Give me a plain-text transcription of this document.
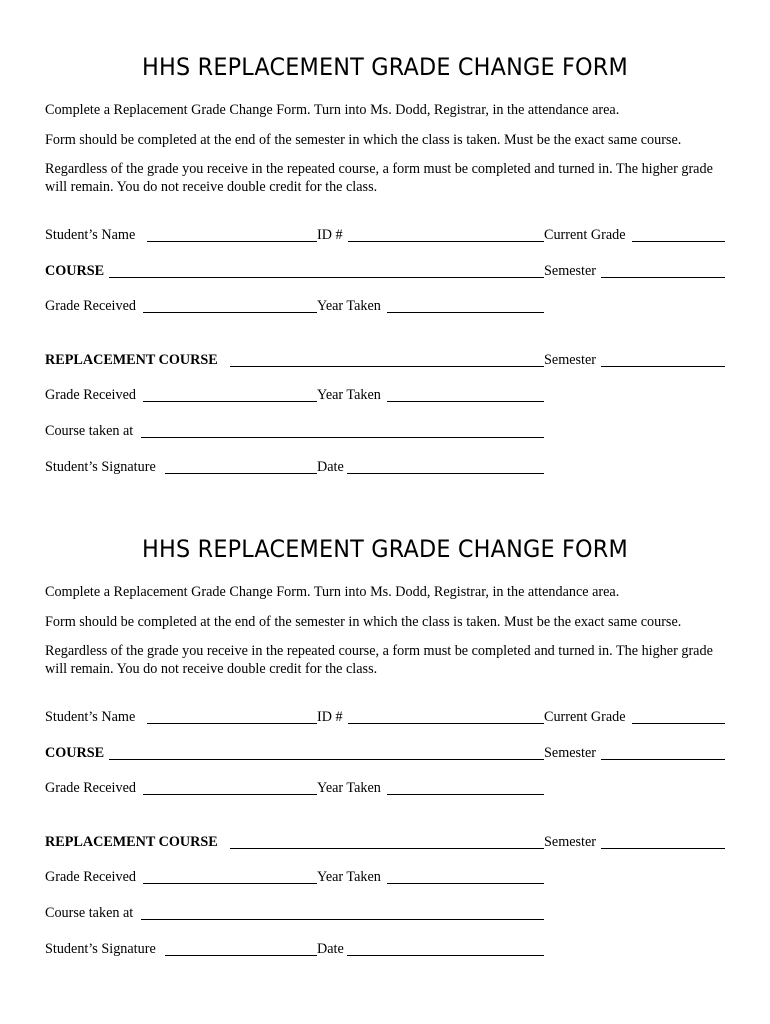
HHS REPLACEMENT GRADE CHANGE FORM
Complete a Replacement Grade Change Form. Turn into Ms. Dodd, Registrar, in the attendance area.
Form should be completed at the end of the semester in which the class is taken. Must be the exact same course.
Regardless of the grade you receive in the repeated course, a form must be completed and turned in. The higher grade will remain. You do not receive double credit for the class.
Student’s Name	ID #	Current Grade
COURSE	Semester
Grade Received	Year Taken
REPLACEMENT COURSE	Semester
Grade Received	Year Taken
Course taken at
Student’s Signature	Date
HHS REPLACEMENT GRADE CHANGE FORM
Complete a Replacement Grade Change Form. Turn into Ms. Dodd, Registrar, in the attendance area.
Form should be completed at the end of the semester in which the class is taken. Must be the exact same course.
Regardless of the grade you receive in the repeated course, a form must be completed and turned in. The higher grade will remain. You do not receive double credit for the class.
Student’s Name	ID #	Current Grade
COURSE	Semester
Grade Received	Year Taken
REPLACEMENT COURSE	Semester
Grade Received	Year Taken
Course taken at
Student’s Signature	Date
